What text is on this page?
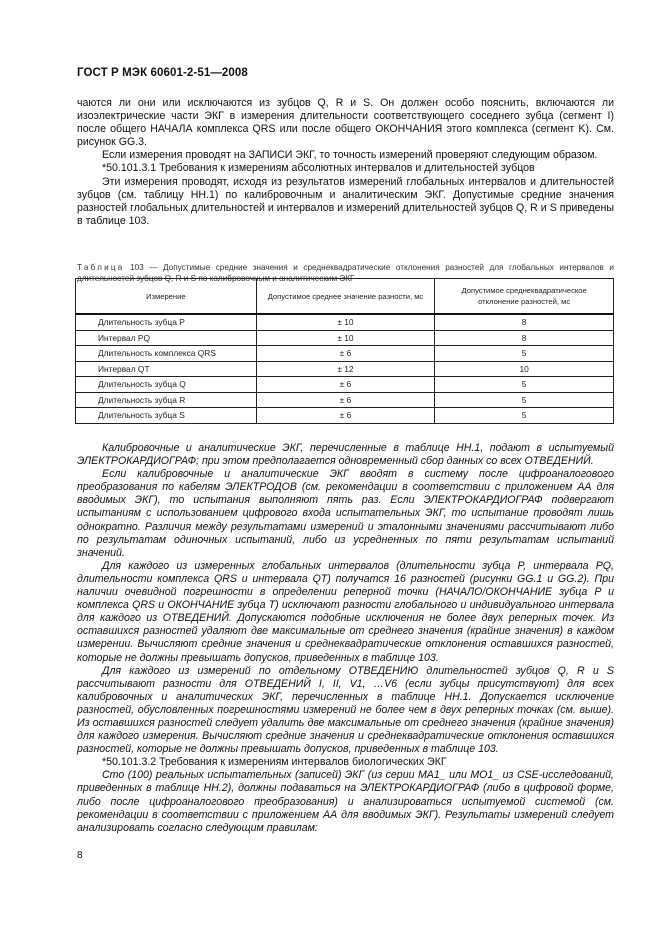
ГОСТ Р МЭК 60601-2-51—2008

чаются ли они или исключаются из зубцов Q, R и S. Он должен особо пояснить, включаются ли изоэлектрические части ЭКГ в измерения длительности соответствующего соседнего зубца (сегмент I) после общего НАЧАЛА комплекса QRS или после общего ОКОНЧАНИЯ этого комплекса (сегмент K). См. рисунок GG.3.

Если измерения проводят на ЗАПИСИ ЭКГ, то точность измерений проверяют следующим образом.

*50.101.3.1 Требования к измерениям абсолютных интервалов и длительностей зубцов

Эти измерения проводят, исходя из результатов измерений глобальных интервалов и длительностей зубцов (см. таблицу НН.1) по калибровочным и аналитическим ЭКГ. Допустимые средние значения разностей глобальных длительностей и интервалов и измерений длительностей зубцов Q, R и S приведены в таблице 103.

Таблица 103 — Допустимые средние значения и среднеквадратические отклонения разностей для глобальных интервалов и длительностей зубцов Q, R и S по калибровочным и аналитическим ЭКГ
Измерение	Допустимое среднее значение разности, мс	Допустимое среднеквадратическое отклонение разностей, мс
Длительность зубца P	± 10	8
Интервал PQ	± 10	8
Длительность комплекса QRS	± 6	5
Интервал QT	± 12	10
Длительность зубца Q	± 6	5
Длительность зубца R	± 6	5
Длительность зубца S	± 6	5

Калибровочные и аналитические ЭКГ, перечисленные в таблице НН.1, подают в испытуемый ЭЛЕКТРОКАРДИОГРАФ; при этом предполагается одновременный сбор данных со всех ОТВЕДЕНИЙ.

Если калибровочные и аналитические ЭКГ вводят в систему после цифроаналогового преобразования по кабелям ЭЛЕКТРОДОВ (см. рекомендации в соответствии с приложением АА для вводимых ЭКГ), то испытания выполняют пять раз. Если ЭЛЕКТРОКАРДИОГРАФ подвергают испытаниям с использованием цифрового входа испытательных ЭКГ, то испытание проводят лишь однократно. Различия между результатами измерений и эталонными значениями рассчитывают либо по результатам одиночных испытаний, либо из усредненных по пяти результатам испытаний значений.

Для каждого из измеренных глобальных интервалов (длительности зубца P, интервала PQ, длительности комплекса QRS и интервала QT) получатся 16 разностей (рисунки GG.1 и GG.2). При наличии очевидной погрешности в определении реперной точки (НАЧАЛО/ОКОНЧАНИЕ зубца P и комплекса QRS и ОКОНЧАНИЕ зубца T) исключают разности глобального и индивидуального интервала для каждого из ОТВЕДЕНИЙ. Допускаются подобные исключения не более двух реперных точек. Из оставшихся разностей удаляют две максимальные от среднего значения (крайние значения) в каждом измерении. Вычисляют средние значения и среднеквадратические отклонения оставшихся разностей, которые не должны превышать допусков, приведенных в таблице 103.

Для каждого из измерений по отдельному ОТВЕДЕНИЮ длительностей зубцов Q, R и S рассчитывают разности для ОТВЕДЕНИЙ I, II, V1, …V6 (если зубцы присутствуют) для всех калибровочных и аналитических ЭКГ, перечисленных в таблице НН.1. Допускается исключение разностей, обусловленных погрешностями измерений не более чем в двух реперных точках (см. выше). Из оставшихся разностей следует удалить две максимальные от среднего значения (крайние значения) для каждого измерения. Вычисляют средние значения и среднеквадратические отклонения оставшихся разностей, которые не должны превышать допусков, приведенных в таблице 103.

*50.101.3.2 Требования к измерениям интервалов биологических ЭКГ

Сто (100) реальных испытательных (записей) ЭКГ (из серии MA1_ или MO1_ из CSE-исследований, приведенных в таблице НН.2), должны подаваться на ЭЛЕКТРОКАРДИОГРАФ (либо в цифровой форме, либо после цифроаналогового преобразования) и анализироваться испытуемой системой (см. рекомендации в соответствии с приложением АА для вводимых ЭКГ). Результаты измерений следует анализировать согласно следующим правилам:

8
